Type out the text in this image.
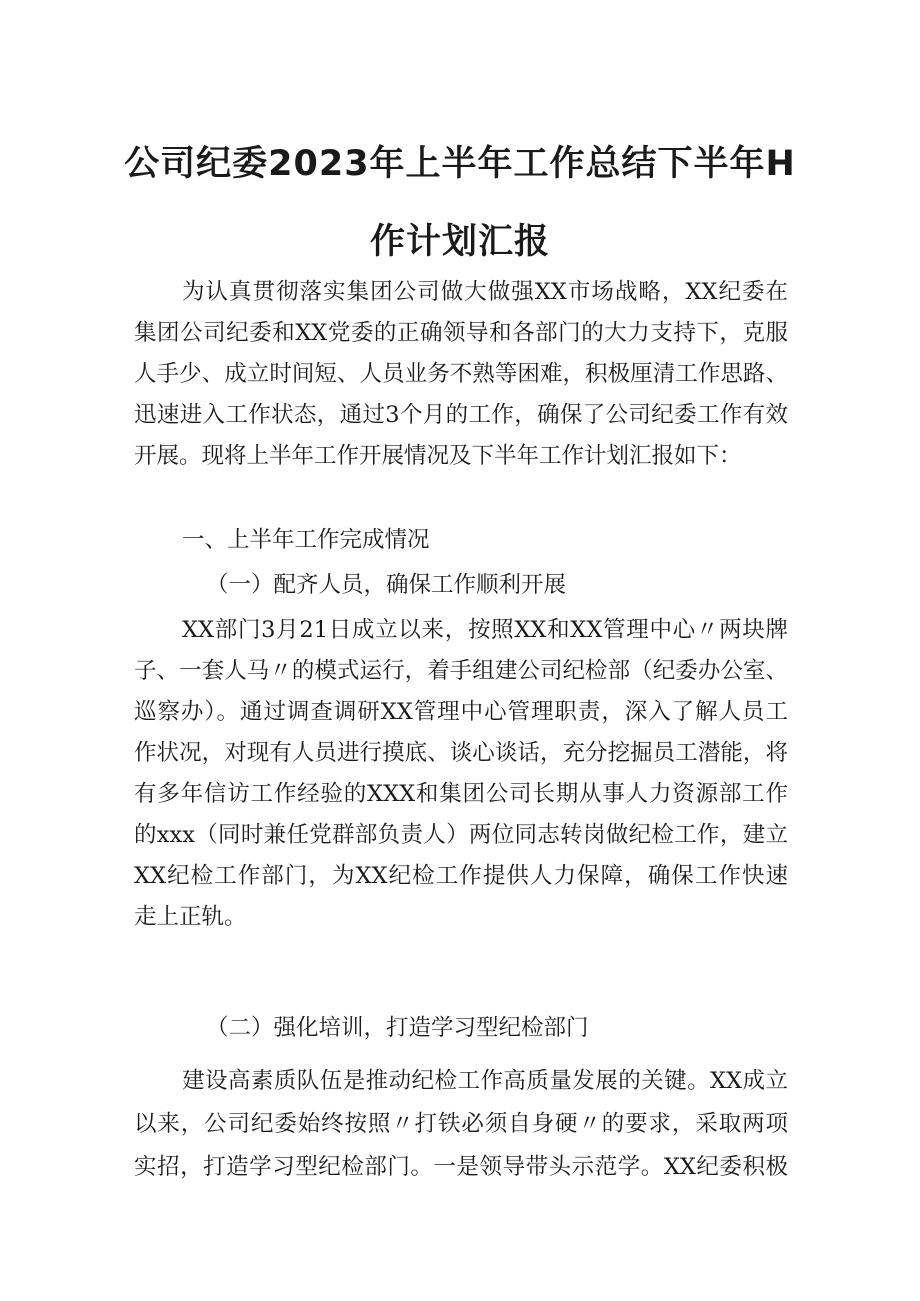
公司纪委2023年上半年工作总结下半年H
作计划汇报
为认真贯彻落实集团公司做大做强XX市场战略，XX纪委在
集团公司纪委和XX党委的正确领导和各部门的大力支持下，克服
人手少、成立时间短、人员业务不熟等困难，积极厘清工作思路、
迅速进入工作状态，通过3个月的工作，确保了公司纪委工作有效
开展。现将上半年工作开展情况及下半年工作计划汇报如下：

一、上半年工作完成情况

（一）配齐人员，确保工作顺利开展

XX部门3月21日成立以来，按照XX和XX管理中心〃两块牌
子、一套人马〃的模式运行，着手组建公司纪检部（纪委办公室、
巡察办）。通过调查调研XX管理中心管理职责，深入了解人员工
作状况，对现有人员进行摸底、谈心谈话，充分挖掘员工潜能，将
有多年信访工作经验的XXX和集团公司长期从事人力资源部工作
的xxx（同时兼任党群部负责人）两位同志转岗做纪检工作，建立
XX纪检工作部门，为XX纪检工作提供人力保障，确保工作快速
走上正轨。

（二）强化培训，打造学习型纪检部门

建设高素质队伍是推动纪检工作高质量发展的关键。XX成立
以来，公司纪委始终按照〃打铁必须自身硬〃的要求，采取两项
实招，打造学习型纪检部门。一是领导带头示范学。XX纪委积极
